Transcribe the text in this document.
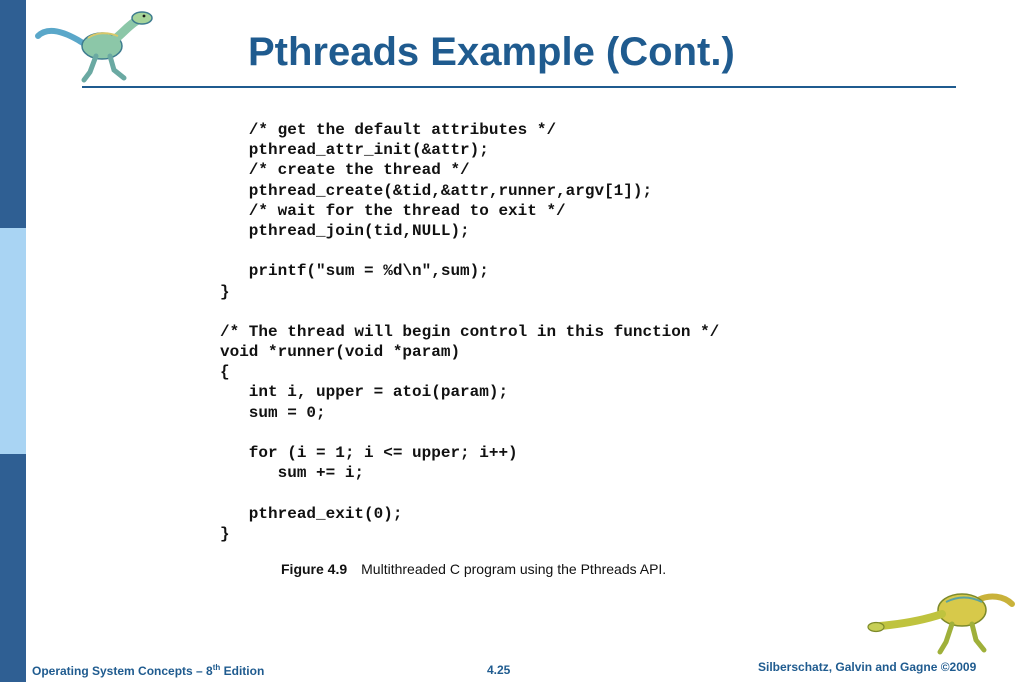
Pthreads Example (Cont.)
/* get the default attributes */
pthread_attr_init(&attr);
/* create the thread */
pthread_create(&tid,&attr,runner,argv[1]);
/* wait for the thread to exit */
pthread_join(tid,NULL);
printf("sum = %d\n",sum);
}
/* The thread will begin control in this function */
void *runner(void *param)
{
int i, upper = atoi(param);
sum = 0;
for (i = 1; i <= upper; i++)
sum += i;
pthread_exit(0);
}
Figure 4.9 Multithreaded C program using the Pthreads API.
Operating System Concepts – 8th Edition	4.25	Silberschatz, Galvin and Gagne ©2009
